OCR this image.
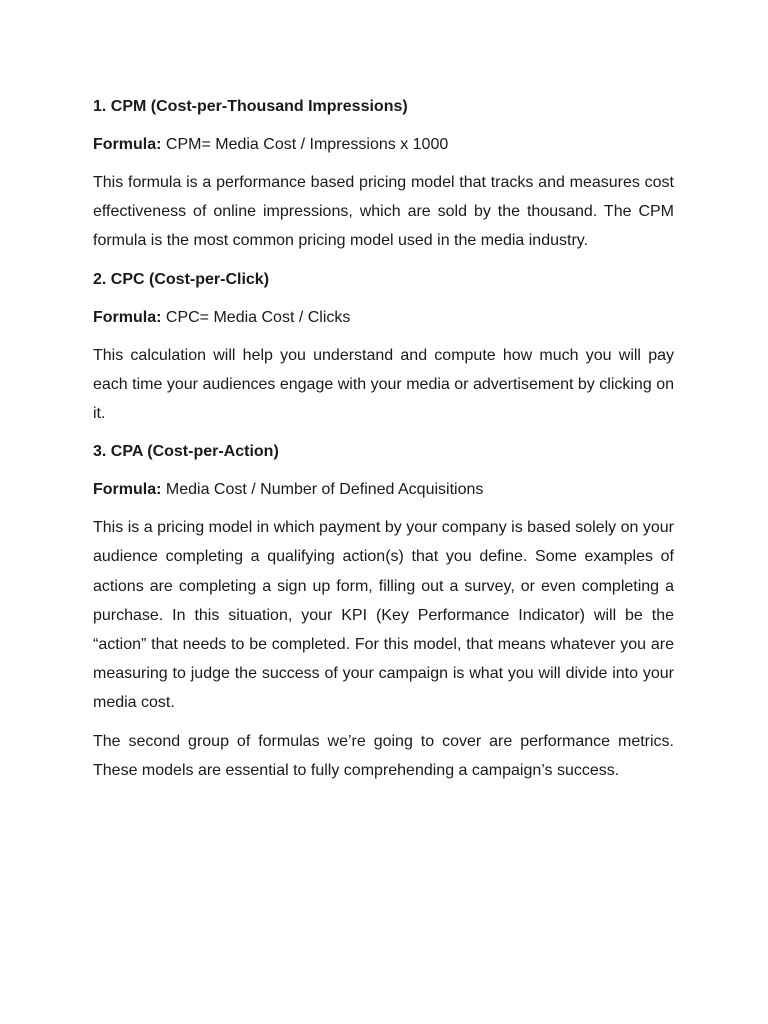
1. CPM (Cost-per-Thousand Impressions)
Formula: CPM= Media Cost / Impressions x 1000

This formula is a performance based pricing model that tracks and measures cost effectiveness of online impressions, which are sold by the thousand. The CPM formula is the most common pricing model used in the media industry.

2. CPC (Cost-per-Click)
Formula: CPC= Media Cost / Clicks

This calculation will help you understand and compute how much you will pay each time your audiences engage with your media or advertisement by clicking on it.

3. CPA (Cost-per-Action)
Formula: Media Cost / Number of Defined Acquisitions

This is a pricing model in which payment by your company is based solely on your audience completing a qualifying action(s) that you define. Some examples of actions are completing a sign up form, filling out a survey, or even completing a purchase. In this situation, your KPI (Key Performance Indicator) will be the “action” that needs to be completed. For this model, that means whatever you are measuring to judge the success of your campaign is what you will divide into your media cost.

The second group of formulas we’re going to cover are performance metrics. These models are essential to fully comprehending a campaign’s success.
